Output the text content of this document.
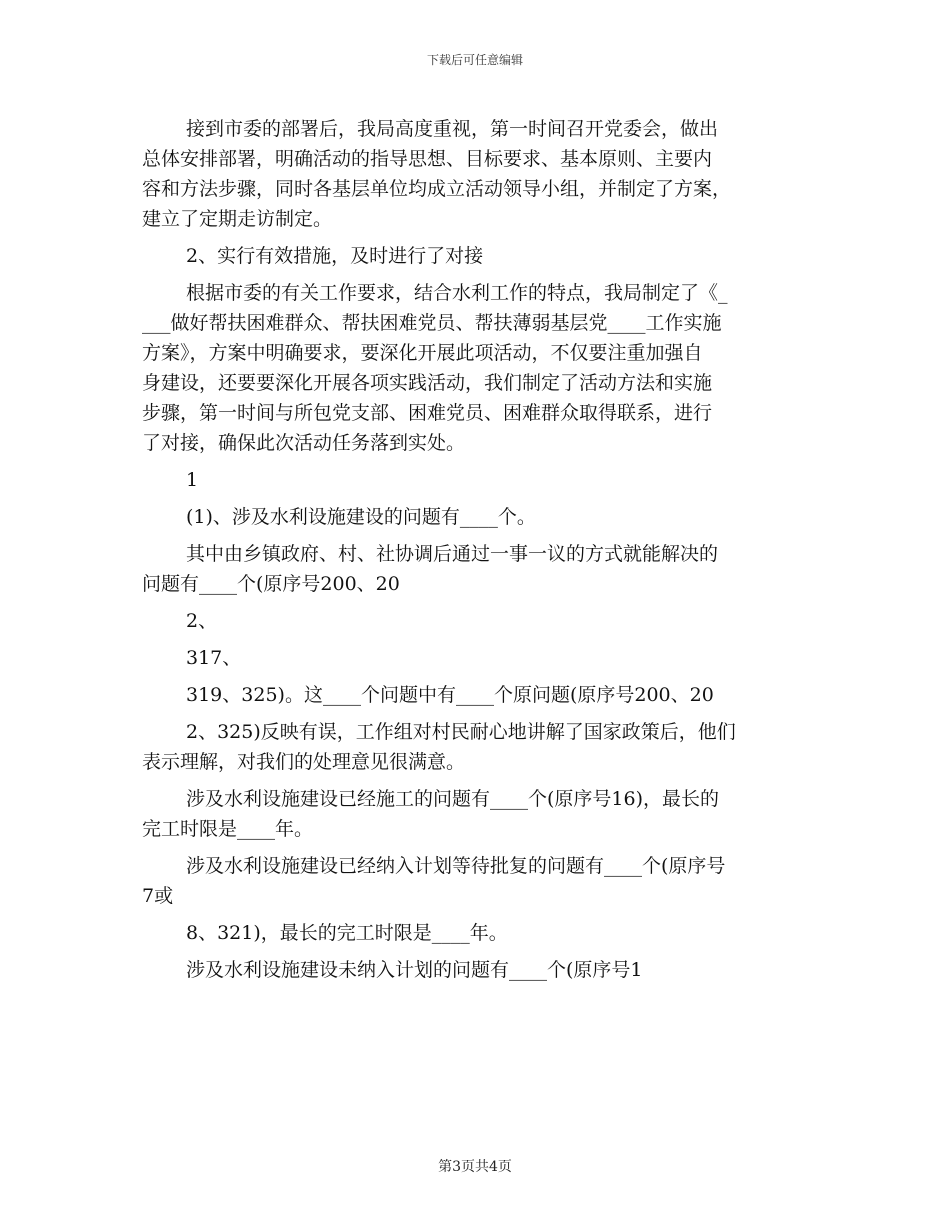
下载后可任意编辑
接到市委的部署后，我局高度重视，第一时间召开党委会，做出
总体安排部署，明确活动的指导思想、目标要求、基本原则、主要内
容和方法步骤，同时各基层单位均成立活动领导小组，并制定了方案，
建立了定期走访制定。
2、实行有效措施，及时进行了对接
根据市委的有关工作要求，结合水利工作的特点，我局制定了《_
___做好帮扶困难群众、帮扶困难党员、帮扶薄弱基层党____工作实施
方案》，方案中明确要求，要深化开展此项活动，不仅要注重加强自
身建设，还要要深化开展各项实践活动，我们制定了活动方法和实施
步骤，第一时间与所包党支部、困难党员、困难群众取得联系，进行
了对接，确保此次活动任务落到实处。
1
(1)、涉及水利设施建设的问题有____个。
其中由乡镇政府、村、社协调后通过一事一议的方式就能解决的
问题有____个(原序号200、20
2、
317、
319、325)。这____个问题中有____个原问题(原序号200、20
2、325)反映有误，工作组对村民耐心地讲解了国家政策后，他们
表示理解，对我们的处理意见很满意。
涉及水利设施建设已经施工的问题有____个(原序号16)，最长的
完工时限是____年。
涉及水利设施建设已经纳入计划等待批复的问题有____个(原序号
7或
8、321)，最长的完工时限是____年。
涉及水利设施建设未纳入计划的问题有____个(原序号1
第3页共4页
